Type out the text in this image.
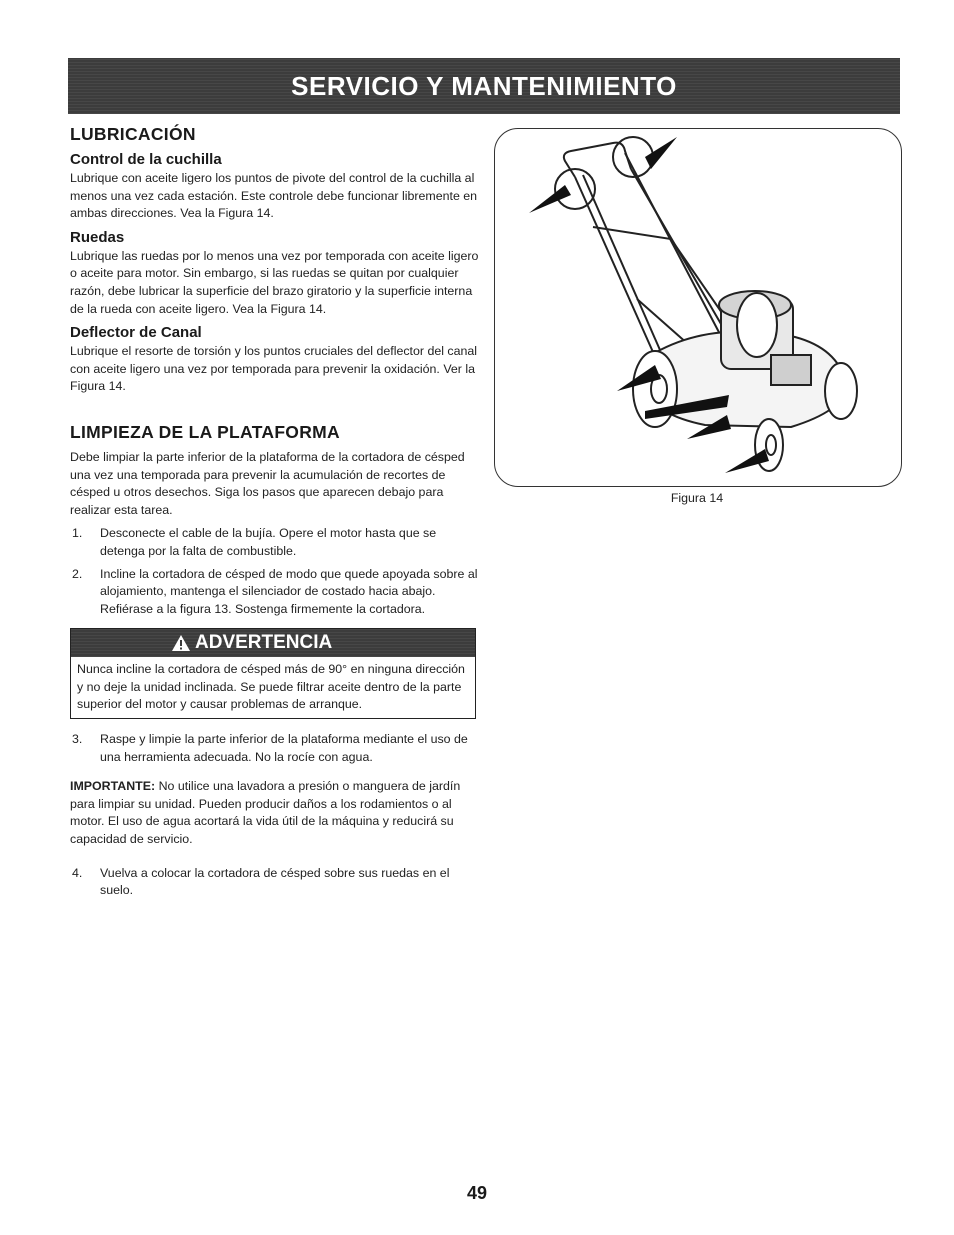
SERVICIO Y MANTENIMIENTO
LUBRICACIÓN
Control de la cuchilla

Lubrique con aceite ligero los puntos de pivote del control de la cuchilla al menos una vez cada estación. Este controle debe funcionar libremente en ambas direcciones. Vea la Figura 14.

Ruedas

Lubrique las ruedas por lo menos una vez por temporada con aceite ligero o aceite para motor. Sin embargo, si las ruedas se quitan por cualquier razón, debe lubricar la superficie del brazo giratorio y la superficie interna de la rueda con aceite ligero. Vea la Figura 14.

Deflector de Canal

Lubrique el resorte de torsión y los puntos cruciales del deflector del canal con aceite ligero una vez por temporada para prevenir la oxidación. Ver la Figura 14.

LIMPIEZA DE LA PLATAFORMA

Debe limpiar la parte inferior de la plataforma de la cortadora de césped una vez una temporada para prevenir la acumulación de recortes de césped u otros desechos. Siga los pasos que aparecen debajo para realizar esta tarea.

1. Desconecte el cable de la bujía. Opere el motor hasta que se detenga por la falta de combustible.
2. Incline la cortadora de césped de modo que quede apoyada sobre al alojamiento, mantenga el silenciador de costado hacia abajo. Refiérase a la figura 13. Sostenga firmemente la cortadora.
ADVERTENCIA
Nunca incline la cortadora de césped más de 90° en ninguna dirección y no deje la unidad inclinada. Se puede filtrar aceite dentro de la parte superior del motor y causar problemas de arranque.
3. Raspe y limpie la parte inferior de la plataforma mediante el uso de una herramienta adecuada. No la rocíe con agua.

IMPORTANTE: No utilice una lavadora a presión o manguera de jardín para limpiar su unidad. Pueden producir daños a los rodamientos o al motor. El uso de agua acortará la vida útil de la máquina y reducirá su capacidad de servicio.

4. Vuelva a colocar la cortadora de césped sobre sus ruedas en el suelo.
Figura 14
49
